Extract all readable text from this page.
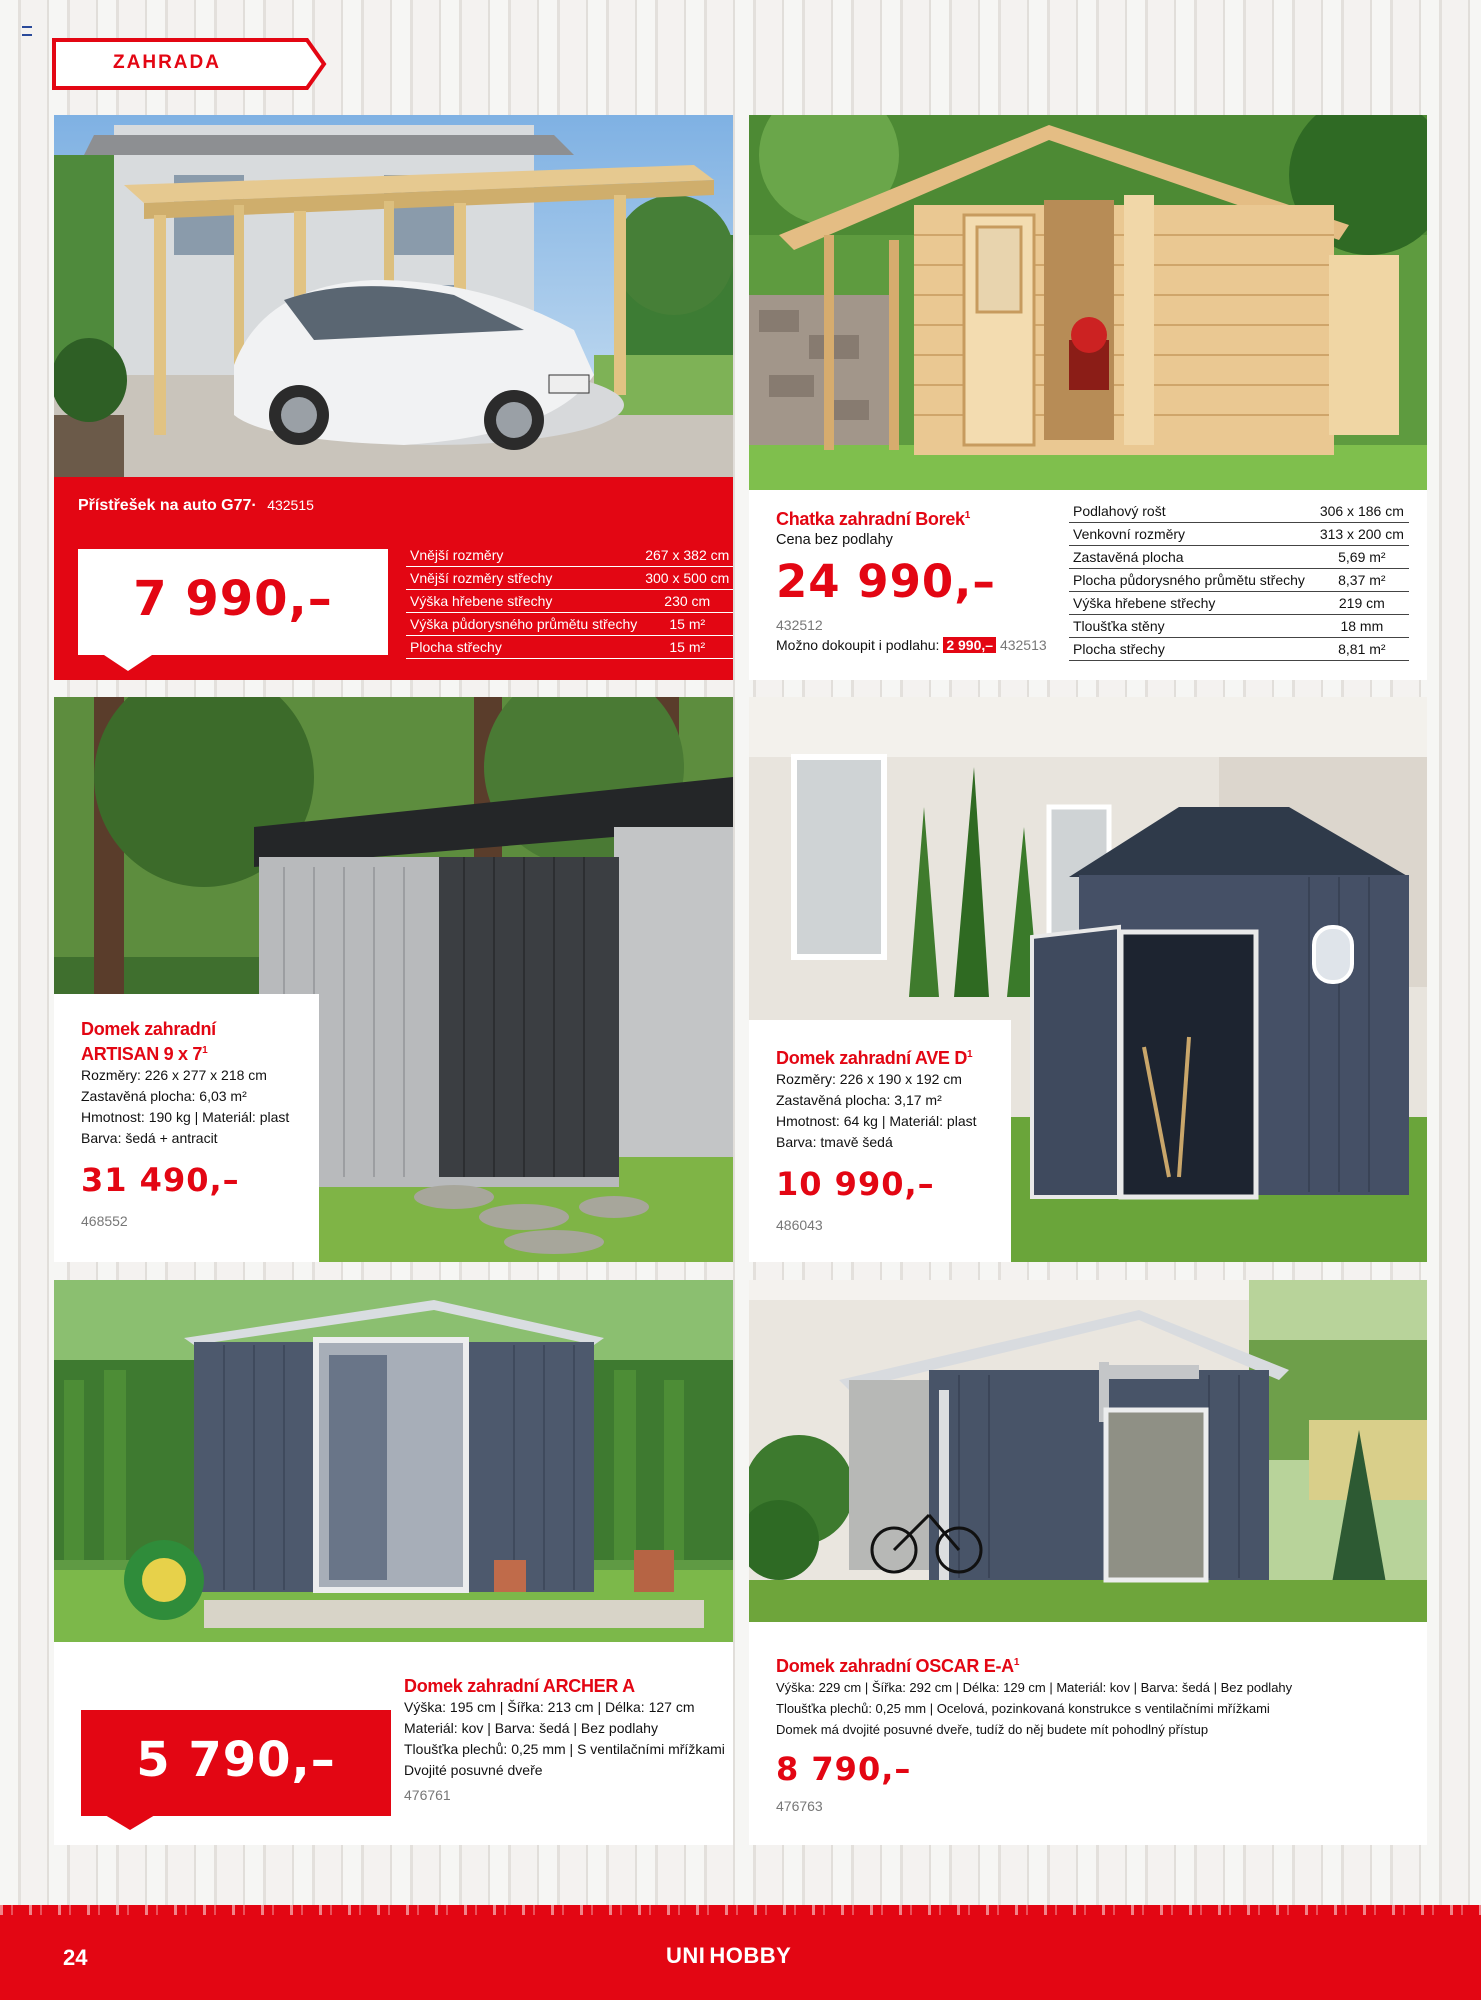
ZAHRADA
Přístřešek na auto G77· 432515
7 990,–
Vnější rozměry	267 x 382 cm
Vnější rozměry střechy	300 x 500 cm
Výška hřebene střechy	230 cm
Výška půdorysného průmětu střechy	15 m²
Plocha střechy	15 m²
Chatka zahradní Borek$^1$
Cena bez podlahy
24 990,–
432512
Možno dokoupit i podlahu: 2 990,– 432513
Podlahový rošt	306 x 186 cm
Venkovní rozměry	313 x 200 cm
Zastavěná plocha	5,69 m²
Plocha půdorysného průmětu střechy	8,37 m²
Výška hřebene střechy	219 cm
Tloušťka stěny	18 mm
Plocha střechy	8,81 m²
Domek zahradní
ARTISAN 9 x $7^1$
Rozměry: 226 x 277 x 218 cm
Zastavěná plocha: 6,03 m²
Hmotnost: 190 kg | Materiál: plast
Barva: šedá + antracit
31 490,–
468552
Domek zahradní AVE $D^1$
Rozměry: 226 x 190 x 192 cm
Zastavěná plocha: 3,17 m²
Hmotnost: 64 kg | Materiál: plast
Barva: tmavě šedá
10 990,–
486043
5 790,–
Domek zahradní ARCHER A
Výška: 195 cm | Šířka: 213 cm | Délka: 127 cm
Materiál: kov | Barva: šedá | Bez podlahy
Tloušťka plechů: 0,25 mm | S ventilačními mřížkami
Dvojité posuvné dveře
476761
Domek zahradní OSCAR $E-A^1$
Výška: 229 cm | Šířka: 292 cm | Délka: 129 cm | Materiál: kov | Barva: šedá | Bez podlahy
Tloušťka plechů: 0,25 mm | Ocelová, pozinkovaná konstrukce s ventilačními mřížkami
Domek má dvojité posuvné dveře, tudíž do něj budete mít pohodlný přístup
8 790,–
476763
24	UNI HOBBY
